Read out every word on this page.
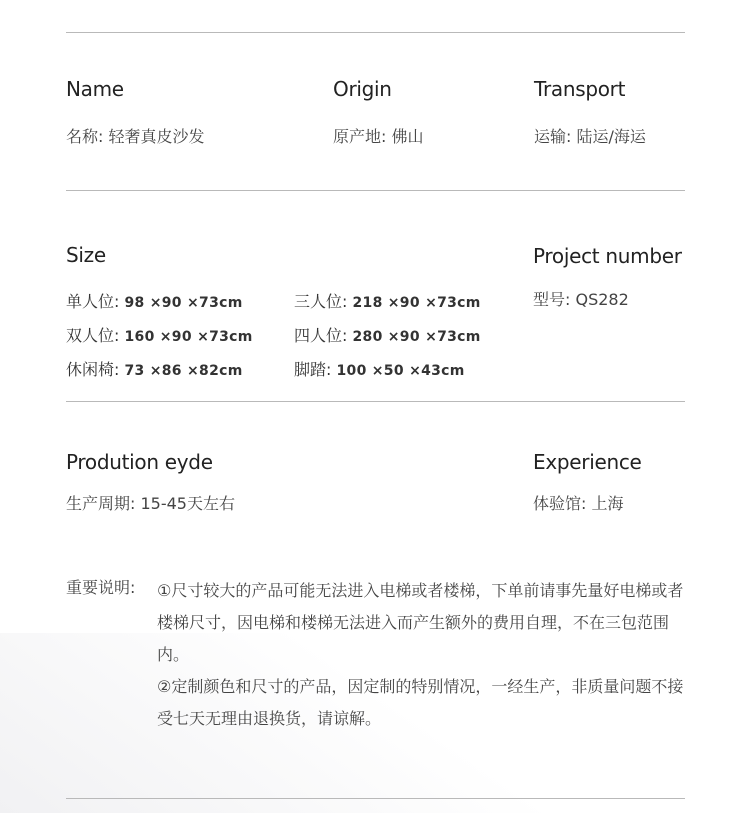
Name
名称: 轻奢真皮沙发
Origin
原产地: 佛山
Transport
运输: 陆运/海运
Size
单人位: 98 ×90 ×73cm	三人位: 218 ×90 ×73cm
双人位: 160 ×90 ×73cm	四人位: 280 ×90 ×73cm
休闲椅: 73 ×86 ×82cm	脚踏: 100 ×50 ×43cm
Project number
型号: QS282
Prodution eyde
生产周期: 15-45天左右
Experience
体验馆: 上海
重要说明: ①尺寸较大的产品可能无法进入电梯或者楼梯，下单前请事先量好电梯或者楼梯尺寸，因电梯和楼梯无法进入而产生额外的费用自理，不在三包范围内。

②定制颜色和尺寸的产品，因定制的特别情况，一经生产，非质量问题不接受七天无理由退换货，请谅解。
